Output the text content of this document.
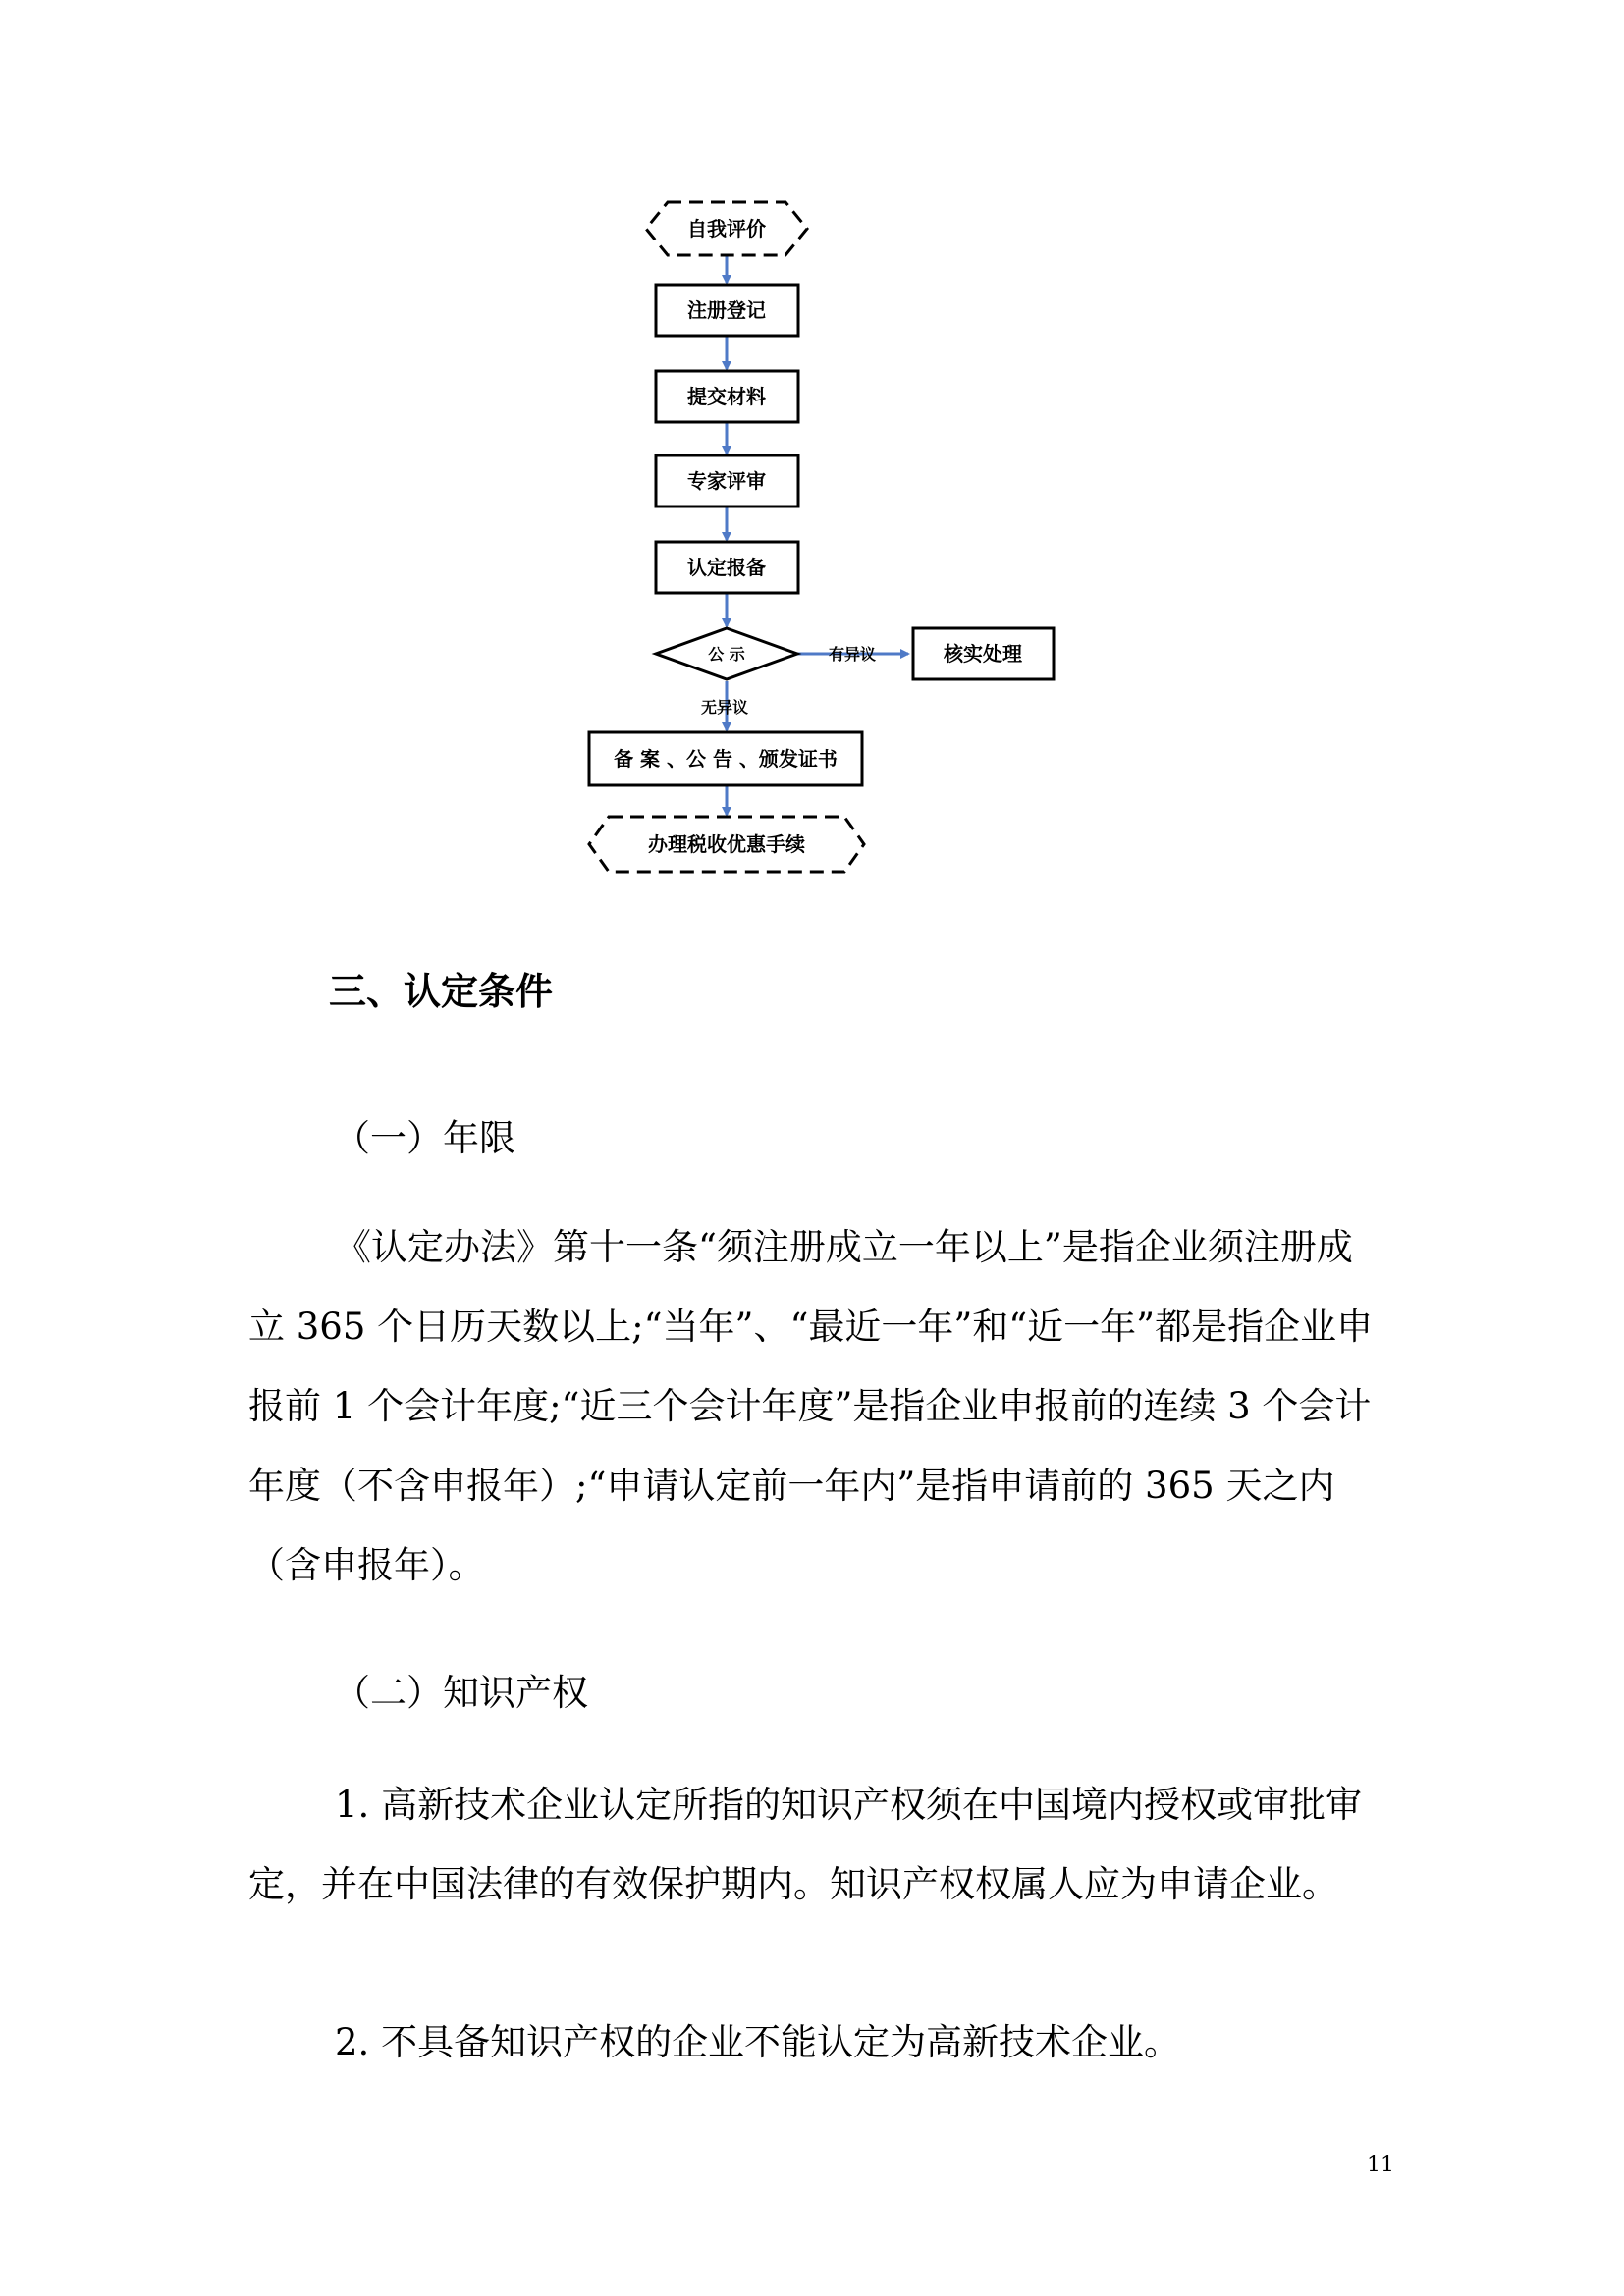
自我评价
注册登记
提交材料
专家评审
认定报备
公 示	有异议	核实处理
无异议
备 案 、公 告 、颁发证书
办理税收优惠手续
三、认定条件

（一）年限

《认定办法》第十一条“须注册成立一年以上”是指企业须注册成立 365 个日历天数以上;“当年”、“最近一年”和“近一年”都是指企业申报前 1 个会计年度;“近三个会计年度”是指企业申报前的连续 3 个会计年度（不含申报年）;“申请认定前一年内”是指申请前的 365 天之内（含申报年）。

（二）知识产权

1. 高新技术企业认定所指的知识产权须在中国境内授权或审批审定，并在中国法律的有效保护期内。知识产权权属人应为申请企业。

2. 不具备知识产权的企业不能认定为高新技术企业。

11
